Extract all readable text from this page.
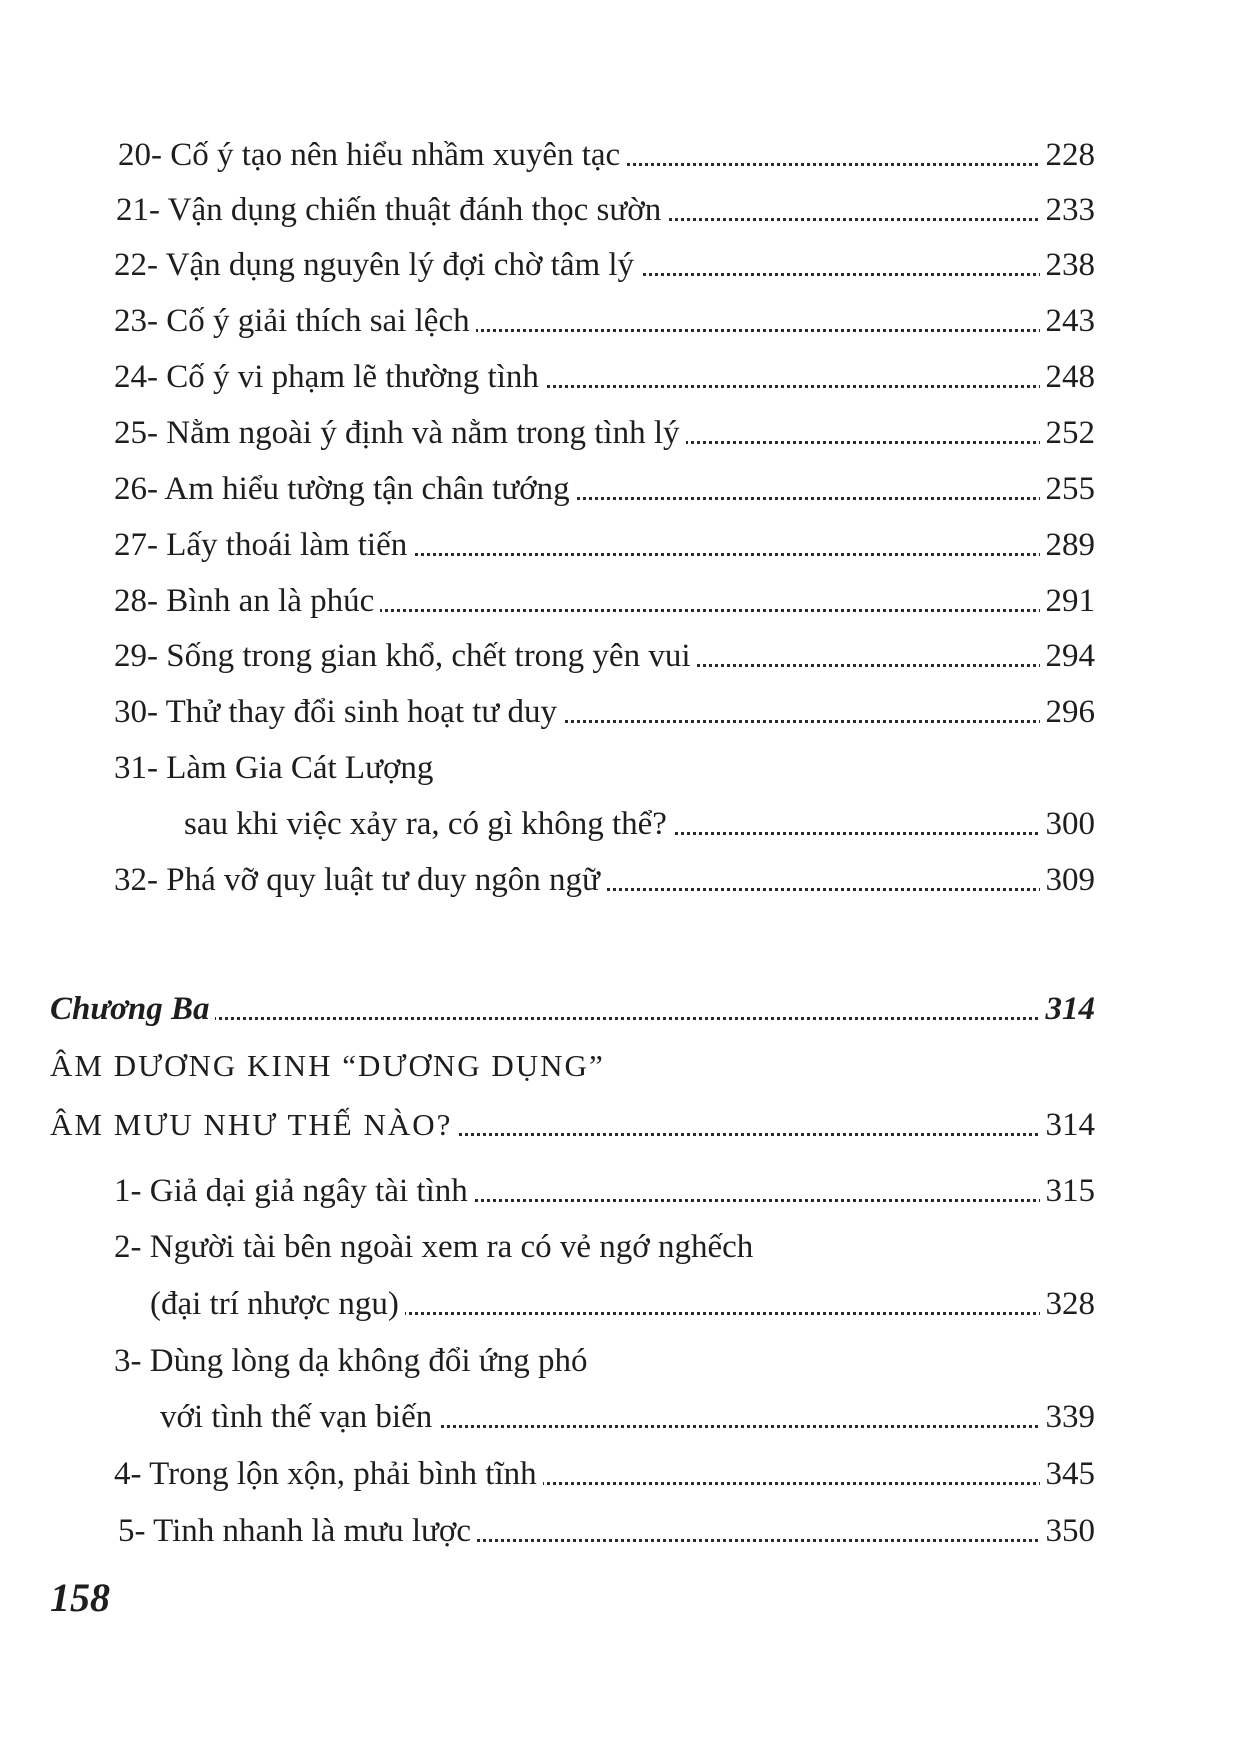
20- Cố ý tạo nên hiểu nhầm xuyên tạc	228
21- Vận dụng chiến thuật đánh thọc sườn	233
22- Vận dụng nguyên lý đợi chờ tâm lý	238
23- Cố ý giải thích sai lệch	243
24- Cố ý vi phạm lẽ thường tình	248
25- Nằm ngoài ý định và nằm trong tình lý	252
26- Am hiểu tường tận chân tướng	255
27- Lấy thoái làm tiến	289
28- Bình an là phúc	291
29- Sống trong gian khổ, chết trong yên vui	294
30- Thử thay đổi sinh hoạt tư duy	296
31- Làm Gia Cát Lượng
sau khi việc xảy ra, có gì không thể?	300
32- Phá vỡ quy luật tư duy ngôn ngữ	309
Chương Ba	314
ÂM DƯƠNG KINH “DƯƠNG DỤNG”
ÂM MƯU NHƯ THẾ NÀO?	314
1- Giả dại giả ngây tài tình	315
2- Người tài bên ngoài xem ra có vẻ ngớ nghếch
(đại trí nhược ngu)	328
3- Dùng lòng dạ không đổi ứng phó
với tình thế vạn biến	339
4- Trong lộn xộn, phải bình tĩnh	345
5- Tinh nhanh là mưu lược	350
158
